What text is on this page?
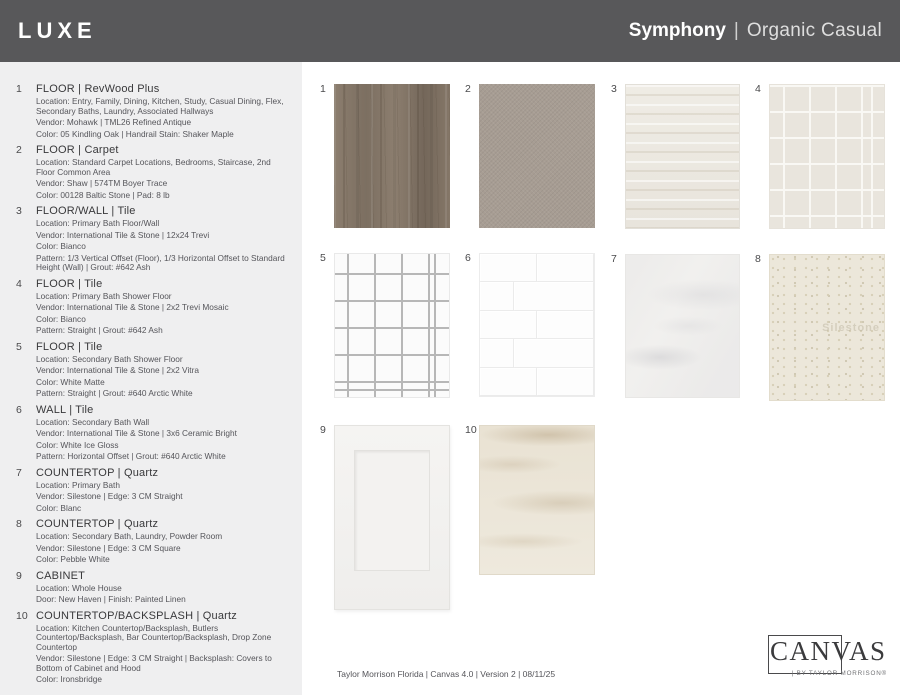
LUXE	Symphony | Organic Casual
1	FLOOR | RevWood Plus
Location: Entry, Family, Dining, Kitchen, Study, Casual Dining, Flex, Secondary Baths, Laundry, Associated Hallways
Vendor: Mohawk | TML26 Refined Antique
Color: 05 Kindling Oak | Handrail Stain: Shaker Maple
2	FLOOR | Carpet
Location: Standard Carpet Locations, Bedrooms, Staircase, 2nd Floor Common Area
Vendor: Shaw | 574TM Boyer Trace
Color: 00128 Baltic Stone | Pad: 8 lb
3	FLOOR/WALL | Tile
Location: Primary Bath Floor/Wall
Vendor: International Tile & Stone | 12x24 Trevi
Color: Bianco
Pattern: 1/3 Vertical Offset (Floor), 1/3 Horizontal Offset to Standard Height (Wall) | Grout: #642 Ash
4	FLOOR | Tile
Location: Primary Bath Shower Floor
Vendor: International Tile & Stone | 2x2 Trevi Mosaic
Color: Bianco
Pattern: Straight | Grout: #642 Ash
5	FLOOR | Tile
Location: Secondary Bath Shower Floor
Vendor: International Tile & Stone | 2x2 Vitra
Color: White Matte
Pattern: Straight | Grout: #640 Arctic White
6	WALL | Tile
Location: Secondary Bath Wall
Vendor: International Tile & Stone | 3x6 Ceramic Bright
Color: White Ice Gloss
Pattern: Horizontal Offset | Grout: #640 Arctic White
7	COUNTERTOP | Quartz
Location: Primary Bath
Vendor: Silestone | Edge: 3 CM Straight
Color: Blanc
8	COUNTERTOP | Quartz
Location: Secondary Bath, Laundry, Powder Room
Vendor: Silestone | Edge: 3 CM Square
Color: Pebble White
9	CABINET
Location: Whole House
Door: New Haven | Finish: Painted Linen
10 COUNTERTOP/BACKSPLASH | Quartz
Location: Kitchen Countertop/Backsplash, Butlers Countertop/Backsplash, Bar Countertop/Backsplash, Drop Zone Countertop
Vendor: Silestone | Edge: 3 CM Straight | Backsplash: Covers to Bottom of Cabinet and Hood
Color: Ironsbridge
1	2	3	4
5	6	7	8
Silestone
9	10
Taylor Morrison Florida | Canvas 4.0 | Version 2 | 08/11/25
CANVAS
| BY TAYLOR MORRISON®
